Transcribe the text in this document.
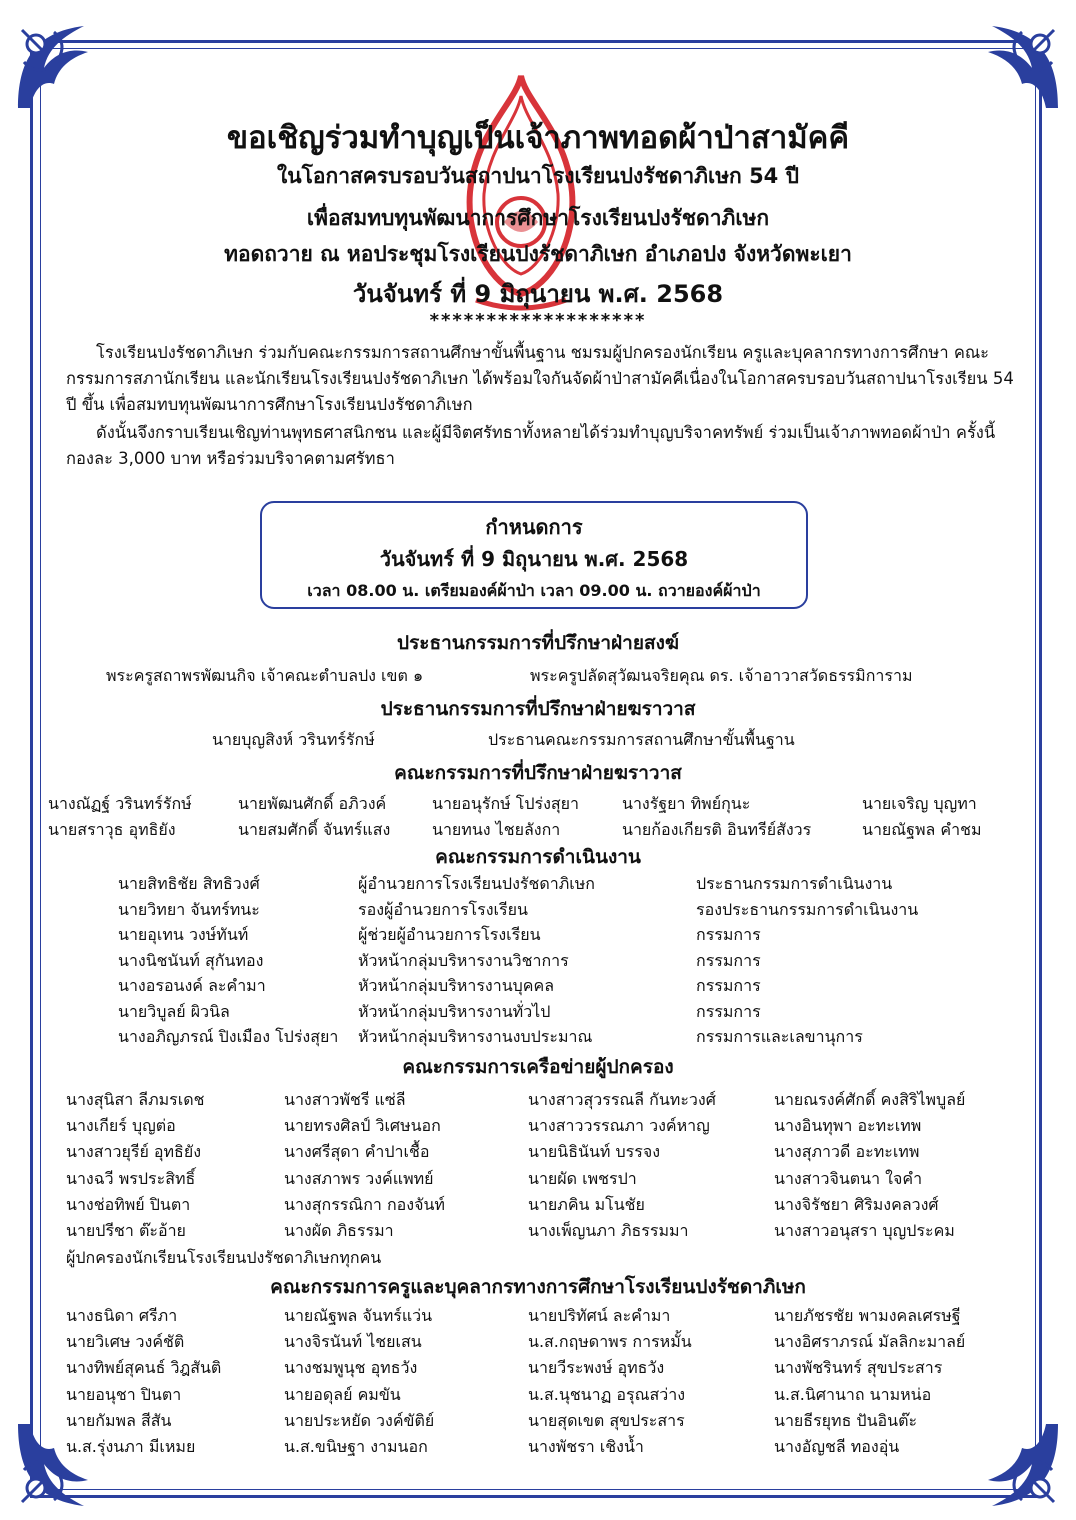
ขอเชิญร่วมทำบุญเป็นเจ้าภาพทอดผ้าป่าสามัคคี
ในโอกาสครบรอบวันสถาปนาโรงเรียนปงรัชดาภิเษก 54 ปี
เพื่อสมทบทุนพัฒนาการศึกษาโรงเรียนปงรัชดาภิเษก
ทอดถวาย ณ หอประชุมโรงเรียนปงรัชดาภิเษก อำเภอปง จังหวัดพะเยา
วันจันทร์ ที่ 9 มิถุนายน พ.ศ. 2568
*******************
โรงเรียนปงรัชดาภิเษก ร่วมกับคณะกรรมการสถานศึกษาขั้นพื้นฐาน ชมรมผู้ปกครองนักเรียน ครูและบุคลากรทางการศึกษา คณะกรรมการสภานักเรียน และนักเรียนโรงเรียนปงรัชดาภิเษก ได้พร้อมใจกันจัดผ้าป่าสามัคคีเนื่องในโอกาสครบรอบวันสถาปนาโรงเรียน 54 ปี ขึ้น เพื่อสมทบทุนพัฒนาการศึกษาโรงเรียนปงรัชดาภิเษก
ดังนั้นจึงกราบเรียนเชิญท่านพุทธศาสนิกชน และผู้มีจิตศรัทธาทั้งหลายได้ร่วมทำบุญบริจาคทรัพย์ ร่วมเป็นเจ้าภาพทอดผ้าป่า ครั้งนี้ กองละ 3,000 บาท หรือร่วมบริจาคตามศรัทธา
กำหนดการ
วันจันทร์ ที่ 9 มิถุนายน พ.ศ. 2568
เวลา 08.00 น. เตรียมองค์ผ้าป่า เวลา 09.00 น. ถวายองค์ผ้าป่า
ประธานกรรมการที่ปรึกษาฝ่ายสงฆ์
พระครูสถาพรพัฒนกิจ เจ้าคณะตำบลปง เขต ๑	พระครูปลัดสุวัฒนจริยคุณ ดร. เจ้าอาวาสวัดธรรมิการาม
ประธานกรรมการที่ปรึกษาฝ่ายฆราวาส
นายบุญสิงห์ วรินทร์รักษ์	ประธานคณะกรรมการสถานศึกษาขั้นพื้นฐาน
คณะกรรมการที่ปรึกษาฝ่ายฆราวาส
นางณัฏฐ์ วรินทร์รักษ์	นายพัฒนศักดิ์ อภิวงค์	นายอนุรักษ์ โปร่งสุยา	นางรัฐยา ทิพย์กุนะ	นายเจริญ บุญทา
นายสราวุธ อุทธิยัง	นายสมศักดิ์ จันทร์แสง	นายทนง ไชยลังกา	นายก้องเกียรติ อินทรีย์สังวร	นายณัฐพล คำชม
คณะกรรมการดำเนินงาน
นายสิทธิชัย สิทธิวงศ์	ผู้อำนวยการโรงเรียนปงรัชดาภิเษก	ประธานกรรมการดำเนินงาน
นายวิทยา จันทร์ทนะ	รองผู้อำนวยการโรงเรียน	รองประธานกรรมการดำเนินงาน
นายอุเทน วงษ์ทันท์	ผู้ช่วยผู้อำนวยการโรงเรียน	กรรมการ
นางนิชนันท์ สุกันทอง	หัวหน้ากลุ่มบริหารงานวิชาการ	กรรมการ
นางอรอนงค์ ละคำมา	หัวหน้ากลุ่มบริหารงานบุคคล	กรรมการ
นายวิบูลย์ ผิวนิล	หัวหน้ากลุ่มบริหารงานทั่วไป	กรรมการ
นางอภิญภรณ์ ปิงเมือง โปร่งสุยา หัวหน้ากลุ่มบริหารงานงบประมาณ	กรรมการและเลขานุการ
คณะกรรมการเครือข่ายผู้ปกครอง
นางสุนิสา ลีภมรเดช	นางสาวพัชรี แซ่ลี	นางสาวสุวรรณลี กันทะวงศ์	นายณรงค์ศักดิ์ คงสิริไพบูลย์
นางเกียร์ บุญต่อ	นายทรงศิลป์ วิเศษนอก	นางสาววรรณภา วงค์หาญ	นางอินทุพา อะทะเทพ
นางสาวยุรีย์ อุทธิยัง	นางศรีสุดา คำปาเชื้อ	นายนิธินันท์ บรรจง	นางสุภาวดี อะทะเทพ
นางฉวี พรประสิทธิ์	นางสภาพร วงค์แพทย์	นายผัด เพชรปา	นางสาวจินตนา ใจคำ
นางช่อทิพย์ ปินตา	นางสุกรรณิกา กองจันท์	นายภคิน มโนชัย	นางจิรัชยา ศิริมงคลวงศ์
นายปรีชา ต๊ะอ้าย	นางผัด ภิธรรมา	นางเพ็ญนภา ภิธรรมมา	นางสาวอนุสรา บุญประคม
ผู้ปกครองนักเรียนโรงเรียนปงรัชดาภิเษกทุกคน
คณะกรรมการครูและบุคลากรทางการศึกษาโรงเรียนปงรัชดาภิเษก
นางธนิดา ศรีภา	นายณัฐพล จันทร์แว่น	นายปริทัศน์ ละคำมา	นายภัชรชัย พามงคลเศรษฐี
นายวิเศษ วงค์ชัติ	นางจิรนันท์ ไชยเสน	น.ส.กฤษดาพร การหมั้น	นางอิศราภรณ์ มัลลิกะมาลย์
นางทิพย์สุคนธ์ วิฎสันติ	นางชมพูนุช อุทธวัง	นายวีระพงษ์ อุทธวัง	นางพัชรินทร์ สุขประสาร
นายอนุชา ปินตา	นายอดุลย์ คมขัน	น.ส.นุชนาฏ อรุณสว่าง	น.ส.นิศานาถ นามหน่อ
นายกัมพล สีสัน	นายประหยัด วงค์ขัติย์	นายสุดเขต สุขประสาร	นายธีรยุทธ ปันอินต๊ะ
น.ส.รุ่งนภา มีเหมย	น.ส.ขนิษฐา งามนอก	นางพัชรา เชิงน้ำ	นางอัญชลี ทองอุ่น
